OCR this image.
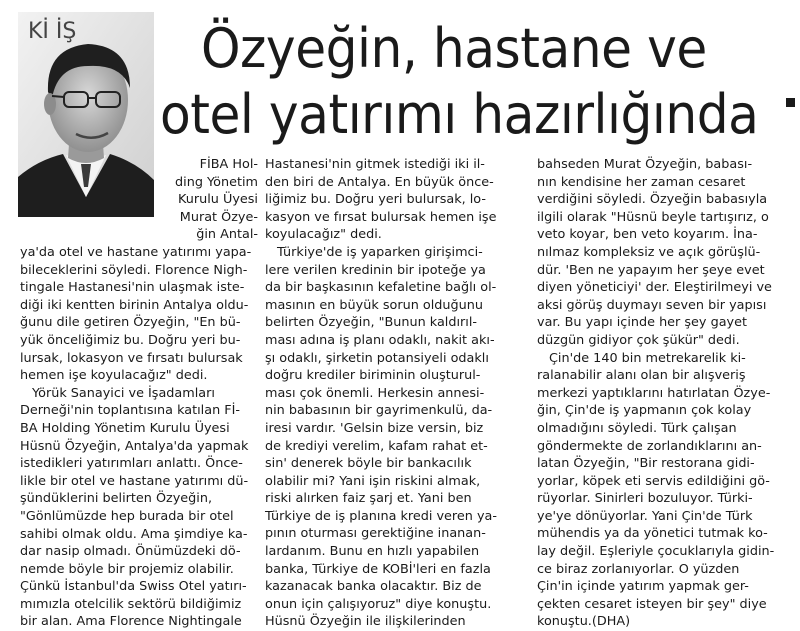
Kİ İŞ	Özyeğin, hastane ve
otel yatırımı hazırlığında
FİBA Hol-
ding Yönetim
Kurulu Üyesi
Murat Özye-
ğin Antal-
ya'da otel ve hastane yatırımı yapa-
bileceklerini söyledi. Florence Nigh-
tingale Hastanesi'nin ulaşmak iste-
diği iki kentten birinin Antalya oldu-
ğunu dile getiren Özyeğin, "En bü-
yük önceliğimiz bu. Doğru yeri bu-
lursak, lokasyon ve fırsatı bulursak
hemen işe koyulacağız" dedi.
Yörük Sanayici ve İşadamları
Derneği'nin toplantısına katılan Fİ-
BA Holding Yönetim Kurulu Üyesi
Hüsnü Özyeğin, Antalya'da yapmak
istedikleri yatırımları anlattı. Önce-
likle bir otel ve hastane yatırımı dü-
şündüklerini belirten Özyeğin,
"Gönlümüzde hep burada bir otel
sahibi olmak oldu. Ama şimdiye ka-
dar nasip olmadı. Önümüzdeki dö-
nemde böyle bir projemiz olabilir.
Çünkü İstanbul'da Swiss Otel yatırı-
mımızla otelcilik sektörü bildiğimiz
bir alan. Ama Florence Nightingale
Hastanesi'nin gitmek istediği iki il-
den biri de Antalya. En büyük önce-
liğimiz bu. Doğru yeri bulursak, lo-
kasyon ve fırsat bulursak hemen işe
koyulacağız" dedi.
Türkiye'de iş yaparken girişimci-
lere verilen kredinin bir ipoteğe ya
da bir başkasının kefaletine bağlı ol-
masının en büyük sorun olduğunu
belirten Özyeğin, "Bunun kaldırıl-
ması adına iş planı odaklı, nakit akı-
şı odaklı, şirketin potansiyeli odaklı
doğru krediler biriminin oluşturul-
ması çok önemli. Herkesin annesi-
nin babasının bir gayrimenkulü, da-
iresi vardır. 'Gelsin bize versin, biz
de krediyi verelim, kafam rahat et-
sin' denerek böyle bir bankacılık
olabilir mi? Yani işin riskini almak,
riski alırken faiz şarj et. Yani ben
Türkiye de iş planına kredi veren ya-
pının oturması gerektiğine inanan-
lardanım. Bunu en hızlı yapabilen
banka, Türkiye de KOBİ'leri en fazla
kazanacak banka olacaktır. Biz de
onun için çalışıyoruz" diye konuştu.
Hüsnü Özyeğin ile ilişkilerinden
bahseden Murat Özyeğin, babası-
nın kendisine her zaman cesaret
verdiğini söyledi. Özyeğin babasıyla
ilgili olarak "Hüsnü beyle tartışırız, o
veto koyar, ben veto koyarım. İna-
nılmaz kompleksiz ve açık görüşlü-
dür. 'Ben ne yapayım her şeye evet
diyen yöneticiyi' der. Eleştirilmeyi ve
aksi görüş duymayı seven bir yapısı
var. Bu yapı içinde her şey gayet
düzgün gidiyor çok şükür" dedi.
Çin'de 140 bin metrekarelik ki-
ralanabilir alanı olan bir alışveriş
merkezi yaptıklarını hatırlatan Özye-
ğin, Çin'de iş yapmanın çok kolay
olmadığını söyledi. Türk çalışan
göndermekte de zorlandıklarını an-
latan Özyeğin, "Bir restorana gidi-
yorlar, köpek eti servis edildiğini gö-
rüyorlar. Sinirleri bozuluyor. Türki-
ye'ye dönüyorlar. Yani Çin'de Türk
mühendis ya da yönetici tutmak ko-
lay değil. Eşleriyle çocuklarıyla gidin-
ce biraz zorlanıyorlar. O yüzden
Çin'in içinde yatırım yapmak ger-
çekten cesaret isteyen bir şey" diye
konuştu.(DHA)
